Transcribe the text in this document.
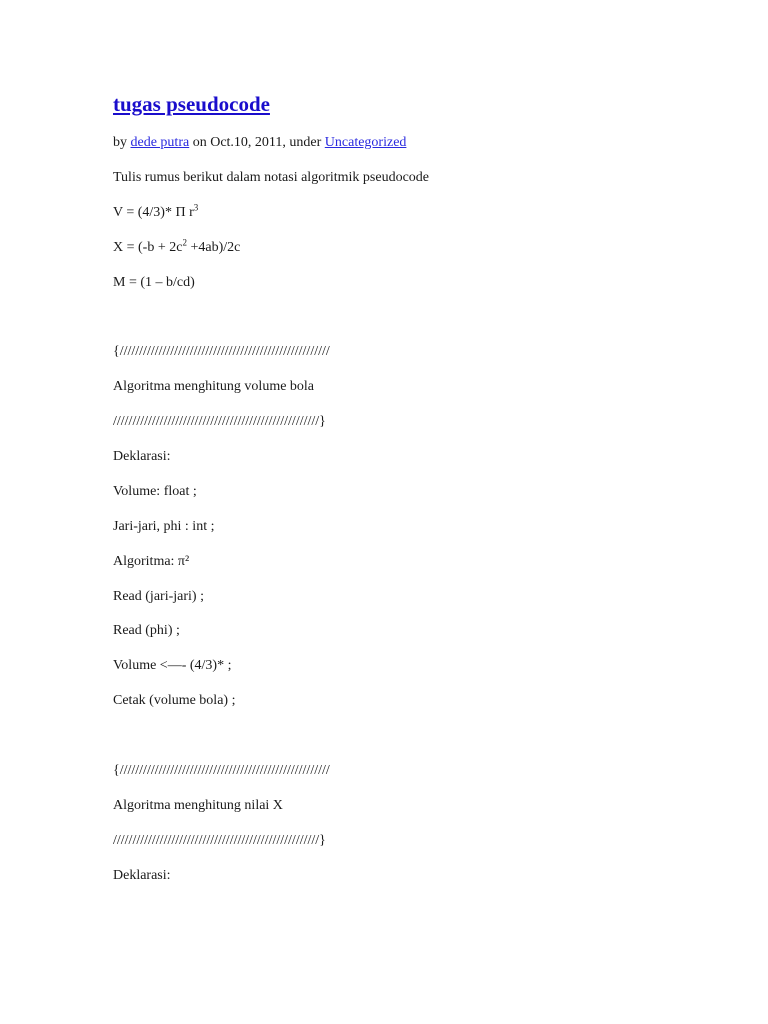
tugas pseudocode
by dede putra on Oct.10, 2011, under Uncategorized
Tulis rumus berikut dalam notasi algoritmik pseudocode
V = (4/3)* Π $r^3$
$X = (-b + 2c^2 +4ab)/2c$
M = (1 – b/cd)
{//////////////////////////////////////////////////////
Algoritma menghitung volume bola
/////////////////////////////////////////////////////}
Deklarasi:
Volume: float ;
Jari-jari, phi : int ;
Algoritma: π²
Read (jari-jari) ;
Read (phi) ;
Volume <—- (4/3)* ;
Cetak (volume bola) ;
{//////////////////////////////////////////////////////
Algoritma menghitung nilai X
/////////////////////////////////////////////////////}
Deklarasi:
